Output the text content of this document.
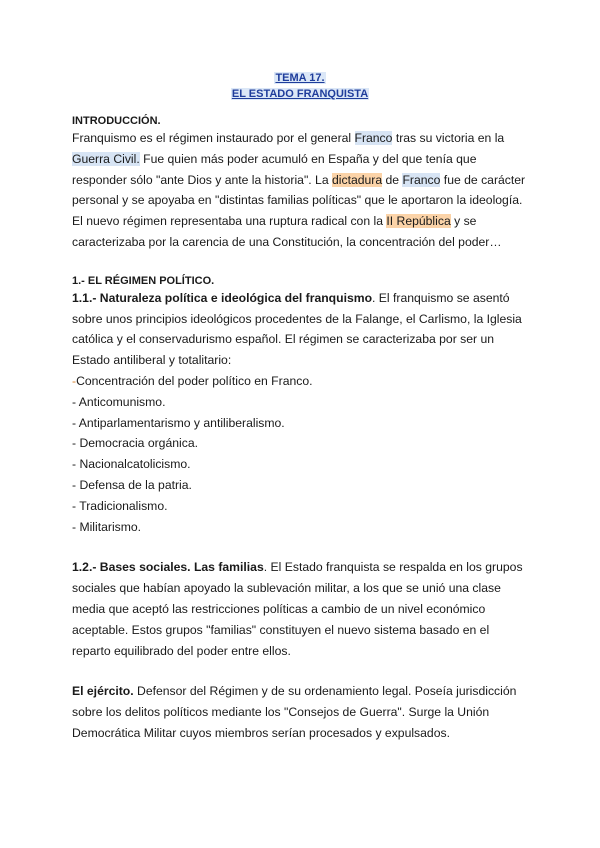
TEMA 17.
EL ESTADO FRANQUISTA
INTRODUCCIÓN.
Franquismo es el régimen instaurado por el general Franco tras su victoria en la
Guerra Civil. Fue quien más poder acumuló en España y del que tenía que
responder sólo "ante Dios y ante la historia". La dictadura de Franco fue de carácter
personal y se apoyaba en "distintas familias políticas" que le aportaron la ideología.
El nuevo régimen representaba una ruptura radical con la II República y se
caracterizaba por la carencia de una Constitución, la concentración del poder…
1.- EL RÉGIMEN POLÍTICO.
1.1.- Naturaleza política e ideológica del franquismo. El franquismo se asentó
sobre unos principios ideológicos procedentes de la Falange, el Carlismo, la Iglesia
católica y el conservadurismo español. El régimen se caracterizaba por ser un
Estado antiliberal y totalitario:
-Concentración del poder político en Franco.
- Anticomunismo.
- Antiparlamentarismo y antiliberalismo.
- Democracia orgánica.
- Nacionalcatolicismo.
- Defensa de la patria.
- Tradicionalismo.
- Militarismo.
1.2.- Bases sociales. Las familias. El Estado franquista se respalda en los grupos
sociales que habían apoyado la sublevación militar, a los que se unió una clase
media que aceptó las restricciones políticas a cambio de un nivel económico
aceptable. Estos grupos "familias" constituyen el nuevo sistema basado en el
reparto equilibrado del poder entre ellos.
El ejército. Defensor del Régimen y de su ordenamiento legal. Poseía jurisdicción
sobre los delitos políticos mediante los "Consejos de Guerra". Surge la Unión
Democrática Militar cuyos miembros serían procesados y expulsados.
